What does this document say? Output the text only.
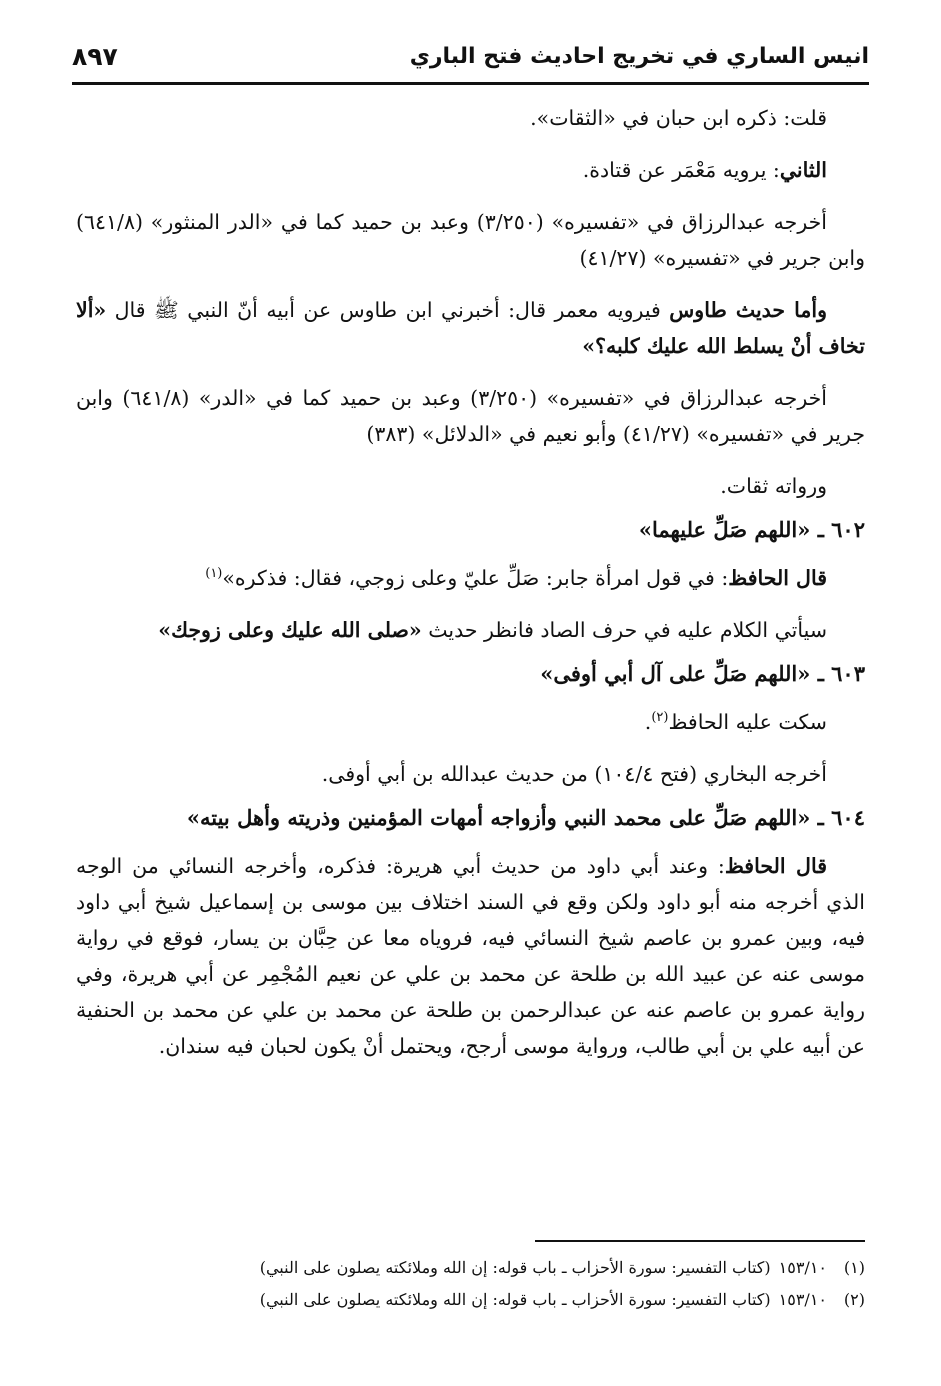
انيس الساري في تخريج احاديث فتح الباري
٨٩٧

قلت: ذكره ابن حبان في «الثقات».

الثاني: يرويه مَعْمَر عن قتادة.

أخرجه عبدالرزاق في «تفسيره» (٣/٢٥٠) وعبد بن حميد كما في «الدر المنثور» (٦٤١/٨) وابن جرير في «تفسيره» (٤١/٢٧)

وأما حديث طاوس فيرويه معمر قال: أخبرني ابن طاوس عن أبيه أنّ النبي ﷺ قال «ألا تخاف أنْ يسلط الله عليك كلبه؟»

أخرجه عبدالرزاق في «تفسيره» (٣/٢٥٠) وعبد بن حميد كما في «الدر» (٦٤١/٨) وابن جرير في «تفسيره» (٤١/٢٧) وأبو نعيم في «الدلائل» (٣٨٣)

ورواته ثقات.

٦٠٢ ـ «اللهم صَلِّ عليهما»

قال الحافظ: في قول امرأة جابر: صَلِّ عليّ وعلى زوجي، فقال: فذكره»$^{(١)}$

سيأتي الكلام عليه في حرف الصاد فانظر حديث «صلى الله عليك وعلى زوجك»

٦٠٣ ـ «اللهم صَلِّ على آل أبي أوفى»

سكت عليه الحافظ$^{(٢)}$.

أخرجه البخاري (فتح ١٠٤/٤) من حديث عبدالله بن أبي أوفى.

٦٠٤ ـ «اللهم صَلِّ على محمد النبي وأزواجه أمهات المؤمنين وذريته وأهل بيته»

قال الحافظ: وعند أبي داود من حديث أبي هريرة: فذكره، وأخرجه النسائي من الوجه الذي أخرجه منه أبو داود ولكن وقع في السند اختلاف بين موسى بن إسماعيل شيخ أبي داود فيه، وبين عمرو بن عاصم شيخ النسائي فيه، فروياه معا عن حِبَّان بن يسار، فوقع في رواية موسى عنه عن عبيد الله بن طلحة عن محمد بن علي عن نعيم المُجْمِر عن أبي هريرة، وفي رواية عمرو بن عاصم عنه عن عبدالرحمن بن طلحة عن محمد بن علي عن محمد بن الحنفية عن أبيه علي بن أبي طالب، ورواية موسى أرجح، ويحتمل أنْ يكون لحبان فيه سندان.

(١)١٥٣/١٠(كتاب التفسير: سورة الأحزاب ـ باب قوله: إن الله وملائكته يصلون على النبي)
(٢)١٥٣/١٠(كتاب التفسير: سورة الأحزاب ـ باب قوله: إن الله وملائكته يصلون على النبي)
